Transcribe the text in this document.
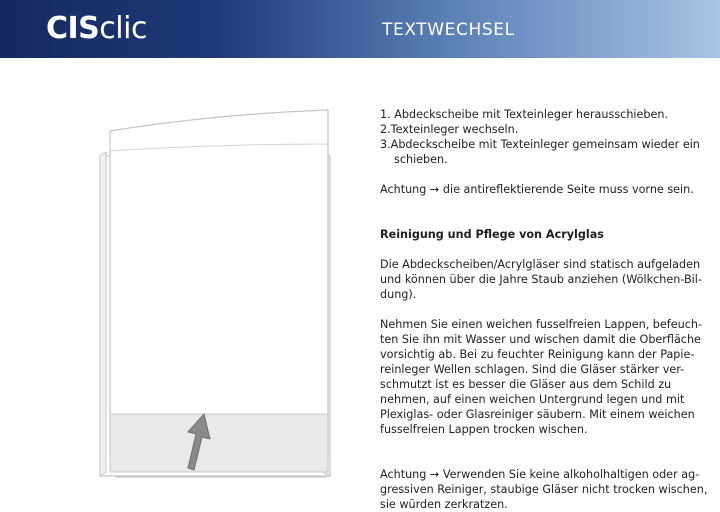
CISclic	TEXTWECHSEL

1. Abdeckscheibe mit Texteinleger herausschieben.

2.Texteinleger wechseln.

3.Abdeckscheibe mit Texteinleger gemeinsam wieder ein

schieben.

Achtung → die antireflektierende Seite muss vorne sein.

Reinigung und Pflege von Acrylglas

Die Abdeckscheiben/Acrylgläser sind statisch aufgeladen

und können über die Jahre Staub anziehen (Wölkchen-Bil-

dung).

Nehmen Sie einen weichen fusselfreien Lappen, befeuch-

ten Sie ihn mit Wasser und wischen damit die Oberfläche

vorsichtig ab. Bei zu feuchter Reinigung kann der Papie-

reinleger Wellen schlagen. Sind die Gläser stärker ver-

schmutzt ist es besser die Gläser aus dem Schild zu

nehmen, auf einen weichen Untergrund legen und mit

Plexiglas- oder Glasreiniger säubern. Mit einem weichen

fusselfreien Lappen trocken wischen.

Achtung → Verwenden Sie keine alkoholhaltigen oder ag-

gressiven Reiniger, staubige Gläser nicht trocken wischen,

sie würden zerkratzen.
